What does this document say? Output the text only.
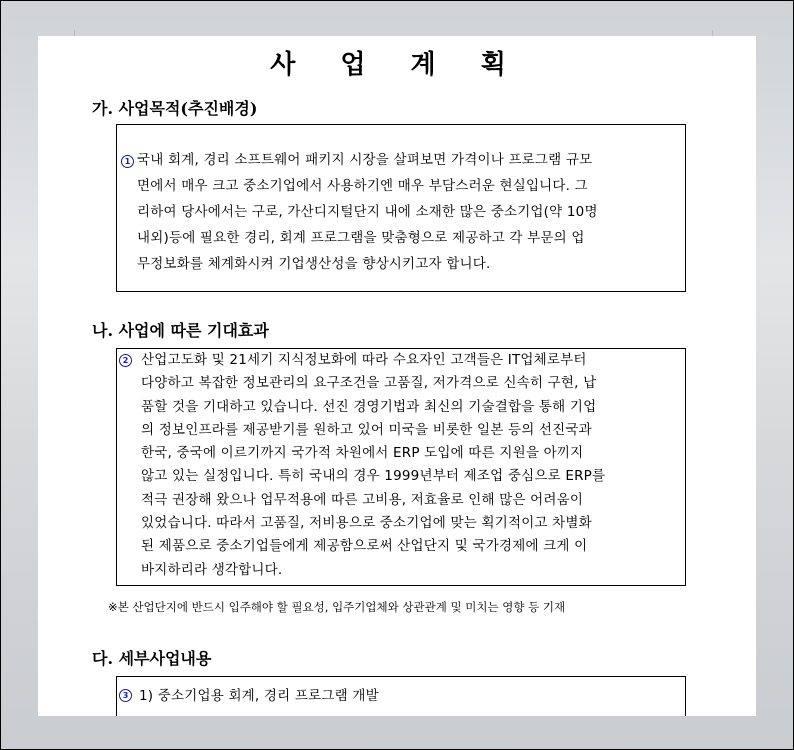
사 업 계 획
가. 사업목적(추진배경)
1 국내 회계, 경리 소프트웨어 패키지 시장을 살펴보면 가격이나 프로그램 규모
면에서 매우 크고 중소기업에서 사용하기엔 매우 부담스러운 현실입니다. 그
리하여 당사에서는 구로, 가산디지털단지 내에 소재한 많은 중소기업(약 10명
내외)등에 필요한 경리, 회계 프로그램을 맞춤형으로 제공하고 각 부문의 업
무정보화를 체계화시켜 기업생산성을 향상시키고자 합니다.
나. 사업에 따른 기대효과
2 산업고도화 및 21세기 지식정보화에 따라 수요자인 고객들은 IT업체로부터
다양하고 복잡한 정보관리의 요구조건을 고품질, 저가격으로 신속히 구현, 납
품할 것을 기대하고 있습니다. 선진 경영기법과 최신의 기술결합을 통해 기업
의 정보인프라를 제공받기를 원하고 있어 미국을 비롯한 일본 등의 선진국과
한국, 중국에 이르기까지 국가적 차원에서 ERP 도입에 따른 지원을 아끼지
않고 있는 실정입니다. 특히 국내의 경우 1999년부터 제조업 중심으로 ERP를
적극 권장해 왔으나 업무적용에 따른 고비용, 저효율로 인해 많은 어려움이
있었습니다. 따라서 고품질, 저비용으로 중소기업에 맞는 획기적이고 차별화
된 제품으로 중소기업들에게 제공함으로써 산업단지 및 국가경제에 크게 이
바지하리라 생각합니다.
※본 산업단지에 반드시 입주해야 할 필요성, 입주기업체와 상관관계 및 미치는 영향 등 기재
다. 세부사업내용
3 1) 중소기업용 회계, 경리 프로그램 개발
